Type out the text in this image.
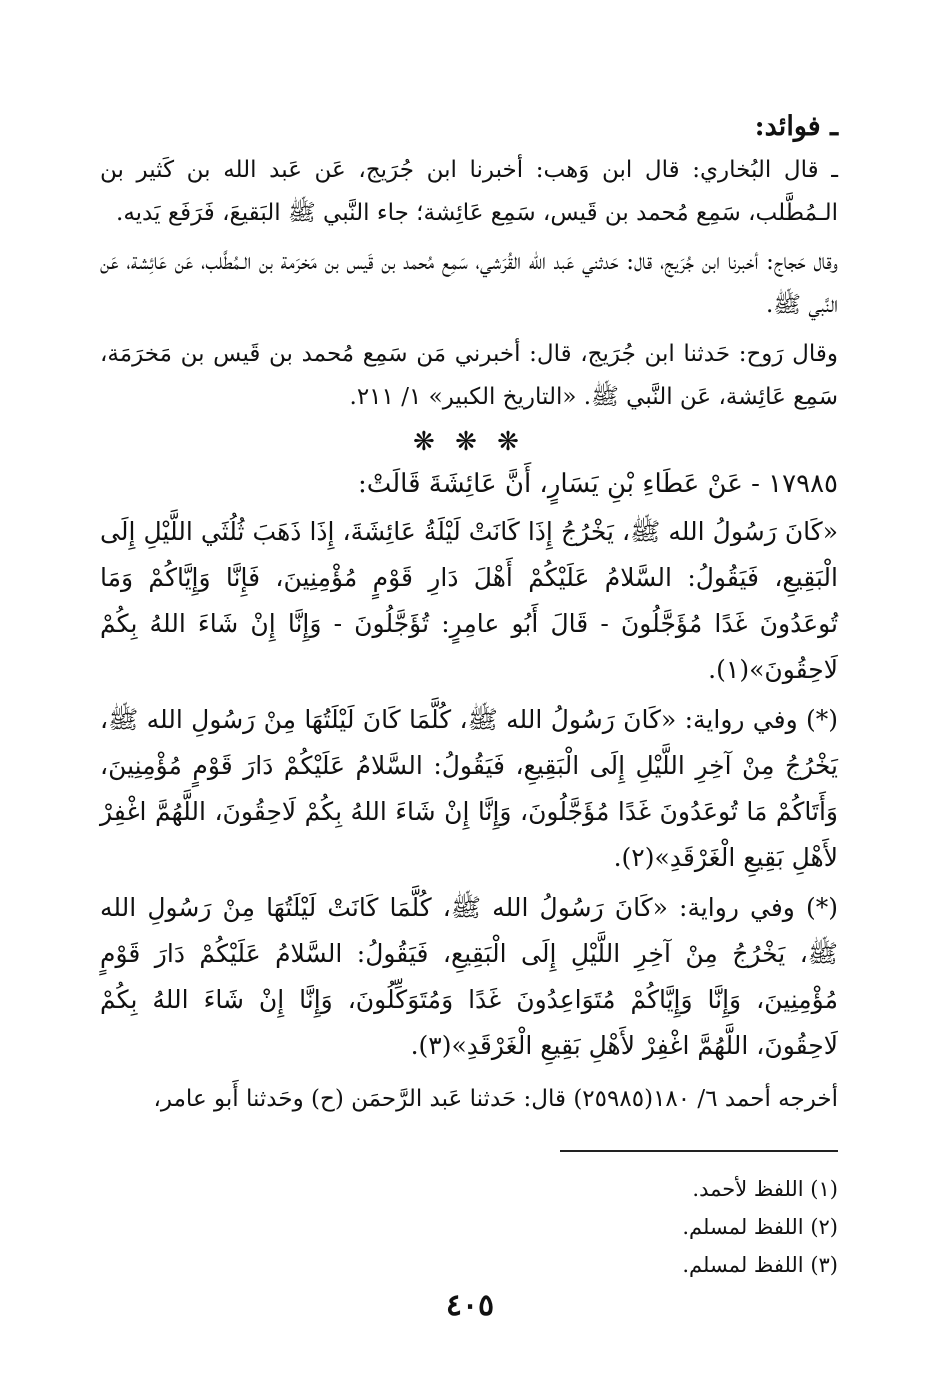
ـ فوائد:

ـ قال البُخاري: قال ابن وَهب: أخبرنا ابن جُرَيج، عَن عَبد الله بن كَثير بن الـمُطَّلب، سَمِع مُحمد بن قَيس، سَمِع عَائِشة؛ جاء النَّبي ﷺ البَقيعَ، فَرَفَع يَديه.

وقال حَجاج: أخبرنا ابن جُرَيج، قال: حَدثني عَبد الله القُرَشي، سَمِع مُحمد بن قَيس بن مَخرَمة بن الـمُطَّلب، عَن عَائِشة، عَن النَّبي ﷺ.

وقال رَوح: حَدثنا ابن جُرَيج، قال: أخبرني مَن سَمِع مُحمد بن قَيس بن مَخرَمَة، سَمِع عَائِشة، عَن النَّبي ﷺ. «التاريخ الكبير» ١/ ٢١١.

❋ ❋ ❋

١٧٩٨٥ - عَنْ عَطَاءِ بْنِ يَسَارٍ، أَنَّ عَائِشَةَ قَالَتْ:

«كَانَ رَسُولُ الله ﷺ، يَخْرُجُ إِذَا كَانَتْ لَيْلَةُ عَائِشَةَ، إِذَا ذَهَبَ ثُلُثَي اللَّيْلِ إِلَى الْبَقِيعِ، فَيَقُولُ: السَّلامُ عَلَيْكُمْ أَهْلَ دَارِ قَوْمٍ مُؤْمِنِينَ، فَإِنَّا وَإِيَّاكُمْ وَمَا تُوعَدُونَ غَدًا مُؤَجَّلُونَ - قَالَ أَبُو عامِرٍ: تُؤَجَّلُونَ - وَإِنَّا إِنْ شَاءَ اللهُ بِكُمْ لَاحِقُونَ»(١).

(*) وفي رواية: «كَانَ رَسُولُ الله ﷺ، كُلَّمَا كَانَ لَيْلَتُهَا مِنْ رَسُولِ الله ﷺ، يَخْرُجُ مِنْ آخِرِ اللَّيْلِ إِلَى الْبَقِيعِ، فَيَقُولُ: السَّلامُ عَلَيْكُمْ دَارَ قَوْمٍ مُؤْمِنِينَ، وَأَتَاكُمْ مَا تُوعَدُونَ غَدًا مُؤَجَّلُونَ، وَإِنَّا إِنْ شَاءَ اللهُ بِكُمْ لَاحِقُونَ، اللَّهُمَّ اغْفِرْ لأَهْلِ بَقِيعِ الْغَرْقَدِ»(٢).

(*) وفي رواية: «كَانَ رَسُولُ الله ﷺ، كُلَّمَا كَانَتْ لَيْلَتُهَا مِنْ رَسُولِ الله ﷺ، يَخْرُجُ مِنْ آخِرِ اللَّيْلِ إِلَى الْبَقِيعِ، فَيَقُولُ: السَّلامُ عَلَيْكُمْ دَارَ قَوْمٍ مُؤْمِنِينَ، وَإِنَّا وَإِيَّاكُمْ مُتَوَاعِدُونَ غَدًا وَمُتَوَكِّلُونَ، وَإِنَّا إِنْ شَاءَ اللهُ بِكُمْ لَاحِقُونَ، اللَّهُمَّ اغْفِرْ لأَهْلِ بَقِيعِ الْغَرْقَدِ»(٣).

أخرجه أحمد ٦/ ١٨٠(٢٥٩٨٥) قال: حَدثنا عَبد الرَّحمَن (ح) وحَدثنا أَبو عامر،

(١) اللفظ لأحمد.
(٢) اللفظ لمسلم.
(٣) اللفظ لمسلم.
٤٠٥
